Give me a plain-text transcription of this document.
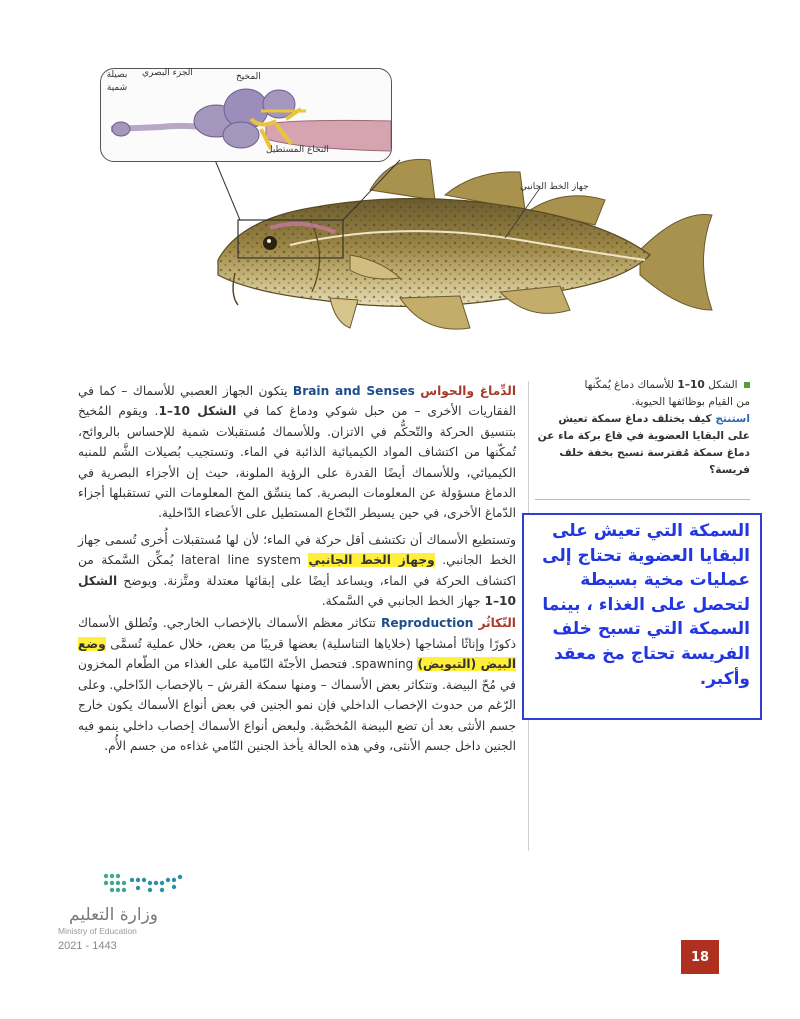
بصيلة شمية
الجزء البصري	المخيخ
النخاع المستطيل
جهاز الخط الجانبي

الدِّماغ والحواس Brain and Senses يتكون الجهاز العصبي للأسماك – كما في الفقاريات الأخرى – من حبل شوكي ودماغ كما في الشكل 10–1. ويقوم المُخيخ بتنسيق الحركة والتّحكُّم في الاتزان. وللأسماك مُستقبلات شمية للإحساس بالروائح، تُمكّنها من اكتشاف المواد الكيميائية الذائبة في الماء. وتستجيب بُصيلات الشَّم للمنبه الكيميائي، وللأسماك أيضًا القدرة على الرؤية الملونة، حيث إن الأجزاء البصرية في الدماغ مسؤولة عن المعلومات البصرية. كما ينسِّق المخ المعلومات التي تستقبلها أجزاء الدّماغ الأخرى، في حين يسيطر النّخاع المستطيل على الأعضاء الدّاخلية.

وتستطيع الأسماك أن تكتشف أقل حركة في الماء؛ لأن لها مُستقبلات أُخرى تُسمى جهاز الخط الجانبي. وجهاز الخط الجانبي lateral line system يُمكِّن السَّمكة من اكتشاف الحركة في الماء، ويساعد أيضًا على إبقائها معتدلة ومتَّزنة. ويوضح الشكل 10–1 جهاز الخط الجانبي في السَّمكة.

التّكاثُر Reproduction تتكاثر معظم الأسماك بالإخصاب الخارجي. وتُطلق الأسماك ذكورًا وإناثًا أمشاجها (خلاياها التناسلية) بعضها قريبًا من بعض، خلال عملية تُسمَّى وضع البيض (التبويض) spawning. فتحصل الأجنّة النّامية على الغذاء من الطّعام المخزون في مُحّ البيضة. وتتكاثر بعض الأسماك – ومنها سمكة القرش – بالإخصاب الدّاخلي. وعلى الرّغم من حدوث الإخصاب الداخلي فإن نمو الجنين في بعض أنواع الأسماك يكون خارج جسم الأنثى بعد أن تضع البيضة المُخصَّبة. ولبعض أنواع الأسماك إخصاب داخلي ينمو فيه الجنين داخل جسم الأنثى، وفي هذه الحالة يأخذ الجنين النّامي غذاءه من جسم الأُم.

الشكل 10–1 للأسماك دماغ يُمكّنها
من القيام بوظائفها الحيوية.
استنتج كيف يختلف دماغ سمكة تعيش على البقايا العضوية في قاع بركة ماء عن دماغ سمكة مُفترسة تسبح بخفة خلف فريسة؟
السمكة التي تعيش على البقايا العضوية تحتاج إلى عمليات مخية بسيطة لتحصل على الغذاء ، بينما السمكة التي تسبح خلف الفريسة تحتاج مخ معقد وأكبر.
وزارة التعليم
Ministry of Education
2021 - 1443
18
